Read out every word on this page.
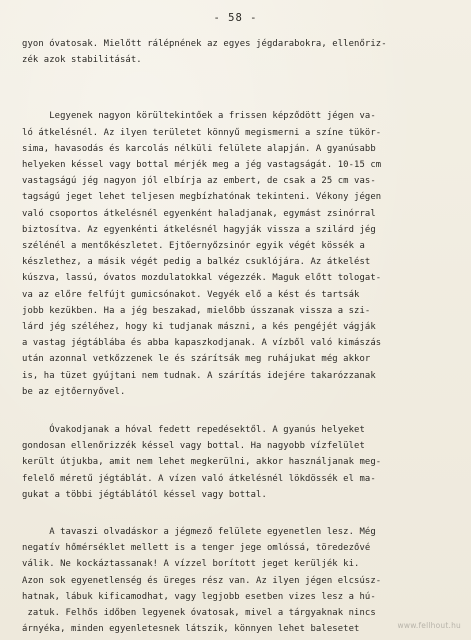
- 58 -
gyon óvatosak. Mielőtt rálépnének az egyes jégdarabokra, ellenőriz-
zék azok stabilitását.
Legyenek nagyon körültekintőek a frissen képződött jégen va-
ló átkelésnél. Az ilyen területet könnyű megismerni a színe tükör-
sima, havasodás és karcolás nélküli felülete alapján. A gyanúsabb
helyeken késsel vagy bottal mérjék meg a jég vastagságát. 10-15 cm
vastagságú jég nagyon jól elbírja az embert, de csak a 25 cm vas-
tagságú jeget lehet teljesen megbízhatónak tekinteni. Vékony jégen
való csoportos átkelésnél egyenként haladjanak, egymást zsinórral
biztosítva. Az egyenkénti átkelésnél hagyják vissza a szilárd jég
szélénél a mentőkészletet. Ejtőernyőzsinór egyik végét kössék a
készlethez, a másik végét pedig a balkéz csuklójára. Az átkelést
kúszva, lassú, óvatos mozdulatokkal végezzék. Maguk előtt tologat-
va az előre felfújt gumicsónakot. Vegyék elő a kést és tartsák
jobb kezükben. Ha a jég beszakad, mielőbb ússzanak vissza a szi-
lárd jég széléhez, hogy ki tudjanak mászni, a kés pengéjét vágják
a vastag jégtáblába és abba kapaszkodjanak. A vízből való kimászás
után azonnal vetkőzzenek le és szárítsák meg ruhájukat még akkor
is, ha tüzet gyújtani nem tudnak. A szárítás idejére takarózzanak
be az ejtőernyővel.
Óvakodjanak a hóval fedett repedésektől. A gyanús helyeket
gondosan ellenőrizzék késsel vagy bottal. Ha nagyobb vízfelület
került útjukba, amit nem lehet megkerülni, akkor használjanak meg-
felelő méretű jégtáblát. A vízen való átkelésnél lökdössék el ma-
gukat a többi jégtáblától késsel vagy bottal.
A tavaszi olvadáskor a jégmező felülete egyenetlen lesz. Még
negatív hőmérséklet mellett is a tenger jege omlóssá, töredezővé
válik. Ne kockáztassanak! A vízzel borított jeget kerüljék ki.
Azon sok egyenetlenség és üreges rész van. Az ilyen jégen elcsúsz-
hatnak, lábuk kificamodhat, vagy legjobb esetben vizes lesz a hú-
zatuk. Felhős időben legyenek óvatosak, mivel a tárgyaknak nincs
árnyéka, minden egyenletesnek látszik, könnyen lehet balesetet	www.fellhout.hu
